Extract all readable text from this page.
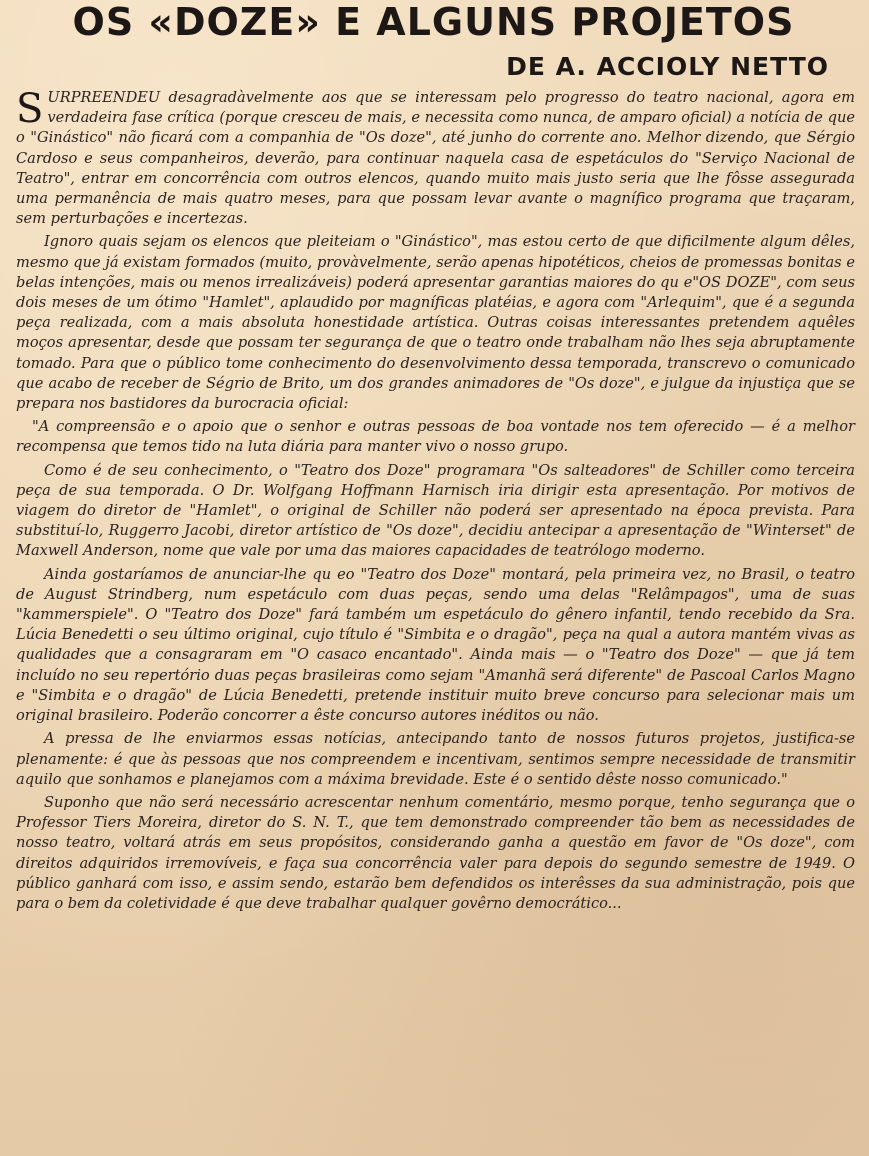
OS «DOZE» E ALGUNS PROJETOS
DE A. ACCIOLY NETTO

SURPREENDEU desagradàvelmente aos que se interessam pelo progresso do teatro nacional, agora em verdadeira fase crítica (porque cresceu de mais, e necessita como nunca, de amparo oficial) a notícia de que o "Ginástico" não ficará com a companhia de "Os doze", até junho do corrente ano. Melhor dizendo, que Sérgio Cardoso e seus companheiros, deverão, para continuar naquela casa de espetáculos do "Serviço Nacional de Teatro", entrar em concorrência com outros elencos, quando muito mais justo seria que lhe fôsse assegurada uma permanência de mais quatro meses, para que possam levar avante o magnífico programa que traçaram, sem perturbações e incertezas.

Ignoro quais sejam os elencos que pleiteiam o "Ginástico", mas estou certo de que dificilmente algum dêles, mesmo que já existam formados (muito, provàvelmente, serão apenas hipotéticos, cheios de promessas bonitas e belas intenções, mais ou menos irrealizáveis) poderá apresentar garantias maiores do qu e"OS DOZE", com seus dois meses de um ótimo "Hamlet", aplaudido por magníficas platéias, e agora com "Arlequim", que é a segunda peça realizada, com a mais absoluta honestidade artística. Outras coisas interessantes pretendem aquêles moços apresentar, desde que possam ter segurança de que o teatro onde trabalham não lhes seja abruptamente tomado. Para que o público tome conhecimento do desenvolvimento dessa temporada, transcrevo o comunicado que acabo de receber de Ségrio de Brito, um dos grandes animadores de "Os doze", e julgue da injustiça que se prepara nos bastidores da burocracia oficial:

"A compreensão e o apoio que o senhor e outras pessoas de boa vontade nos tem oferecido — é a melhor recompensa que temos tido na luta diária para manter vivo o nosso grupo.

Como é de seu conhecimento, o "Teatro dos Doze" programara "Os salteadores" de Schiller como terceira peça de sua temporada. O Dr. Wolfgang Hoffmann Harnisch iria dirigir esta apresentação. Por motivos de viagem do diretor de "Hamlet", o original de Schiller não poderá ser apresentado na época prevista. Para substituí-lo, Ruggerro Jacobi, diretor artístico de "Os doze", decidiu antecipar a apresentação de "Winterset" de Maxwell Anderson, nome que vale por uma das maiores capacidades de teatrólogo moderno.

Ainda gostaríamos de anunciar-lhe qu eo "Teatro dos Doze" montará, pela primeira vez, no Brasil, o teatro de August Strindberg, num espetáculo com duas peças, sendo uma delas "Relâmpagos", uma de suas "kammerspiele". O "Teatro dos Doze" fará também um espetáculo do gênero infantil, tendo recebido da Sra. Lúcia Benedetti o seu último original, cujo título é "Simbita e o dragão", peça na qual a autora mantém vivas as qualidades que a consagraram em "O casaco encantado". Ainda mais — o "Teatro dos Doze" — que já tem incluído no seu repertório duas peças brasileiras como sejam "Amanhã será diferente" de Pascoal Carlos Magno e "Simbita e o dragão" de Lúcia Benedetti, pretende instituir muito breve concurso para selecionar mais um original brasileiro. Poderão concorrer a êste concurso autores inéditos ou não.

A pressa de lhe enviarmos essas notícias, antecipando tanto de nossos futuros projetos, justifica-se plenamente: é que às pessoas que nos compreendem e incentivam, sentimos sempre necessidade de transmitir aquilo que sonhamos e planejamos com a máxima brevidade. Este é o sentido dêste nosso comunicado."

Suponho que não será necessário acrescentar nenhum comentário, mesmo porque, tenho segurança que o Professor Tiers Moreira, diretor do S. N. T., que tem demonstrado compreender tão bem as necessidades de nosso teatro, voltará atrás em seus propósitos, considerando ganha a questão em favor de "Os doze", com direitos adquiridos irremovíveis, e faça sua concorrência valer para depois do segundo semestre de 1949. O público ganhará com isso, e assim sendo, estarão bem defendidos os interêsses da sua administração, pois que para o bem da coletividade é que deve trabalhar qualquer govêrno democrático...
